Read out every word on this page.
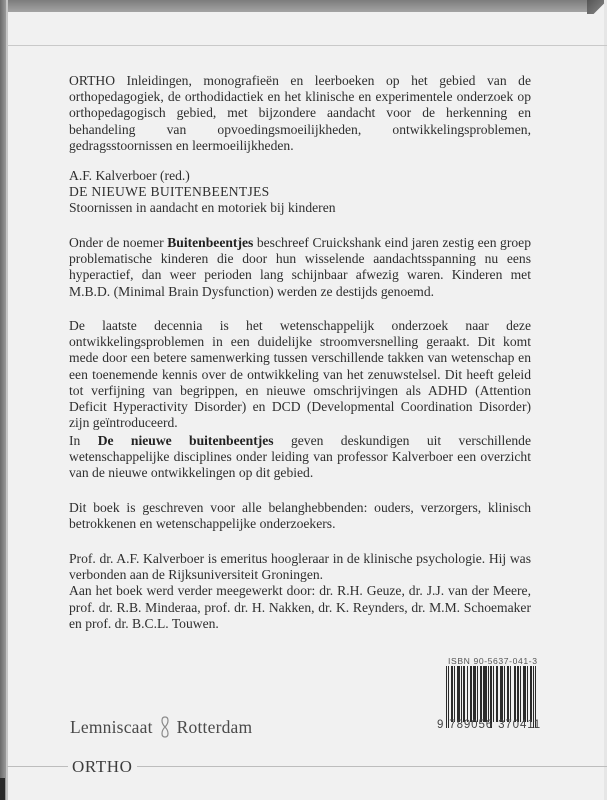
ORTHO Inleidingen, monografieën en leerboeken op het gebied van de orthopedagogiek, de orthodidactiek en het klinische en experimentele onderzoek op orthopedagogisch gebied, met bijzondere aandacht voor de herkenning en behandeling van opvoedingsmoeilijkheden, ontwikkelingsproblemen, gedragsstoornissen en leermoeilijkheden.

A.F. Kalverboer (red.)
DE NIEUWE BUITENBEENTJES
Stoornissen in aandacht en motoriek bij kinderen

Onder de noemer Buitenbeentjes beschreef Cruickshank eind jaren zestig een groep problematische kinderen die door hun wisselende aandachtsspanning nu eens hyperactief, dan weer perioden lang schijnbaar afwezig waren. Kinderen met M.B.D. (Minimal Brain Dysfunction) werden ze destijds genoemd.

De laatste decennia is het wetenschappelijk onderzoek naar deze ontwikkelingsproblemen in een duidelijke stroomversnelling geraakt. Dit komt mede door een betere samenwerking tussen verschillende takken van wetenschap en een toenemende kennis over de ontwikkeling van het zenuwstelsel. Dit heeft geleid tot verfijning van begrippen, en nieuwe omschrijvingen als ADHD (Attention Deficit Hyperactivity Disorder) en DCD (Developmental Coordination Disorder) zijn geïntroduceerd.

In De nieuwe buitenbeentjes geven deskundigen uit verschillende wetenschappelijke disciplines onder leiding van professor Kalverboer een overzicht van de nieuwe ontwikkelingen op dit gebied.

Dit boek is geschreven voor alle belanghebbenden: ouders, verzorgers, klinisch betrokkenen en wetenschappelijke onderzoekers.

Prof. dr. A.F. Kalverboer is emeritus hoogleraar in de klinische psychologie. Hij was verbonden aan de Rijksuniversiteit Groningen.

Aan het boek werd verder meegewerkt door: dr. R.H. Geuze, dr. J.J. van der Meere, prof. dr. R.B. Minderaa, prof. dr. H. Nakken, dr. K. Reynders, dr. M.M. Schoemaker en prof. dr. B.C.L. Touwen.

ISBN 90-5637-041-3
9 789056 370411
Lemniscaat Rotterdam
ORTHO
